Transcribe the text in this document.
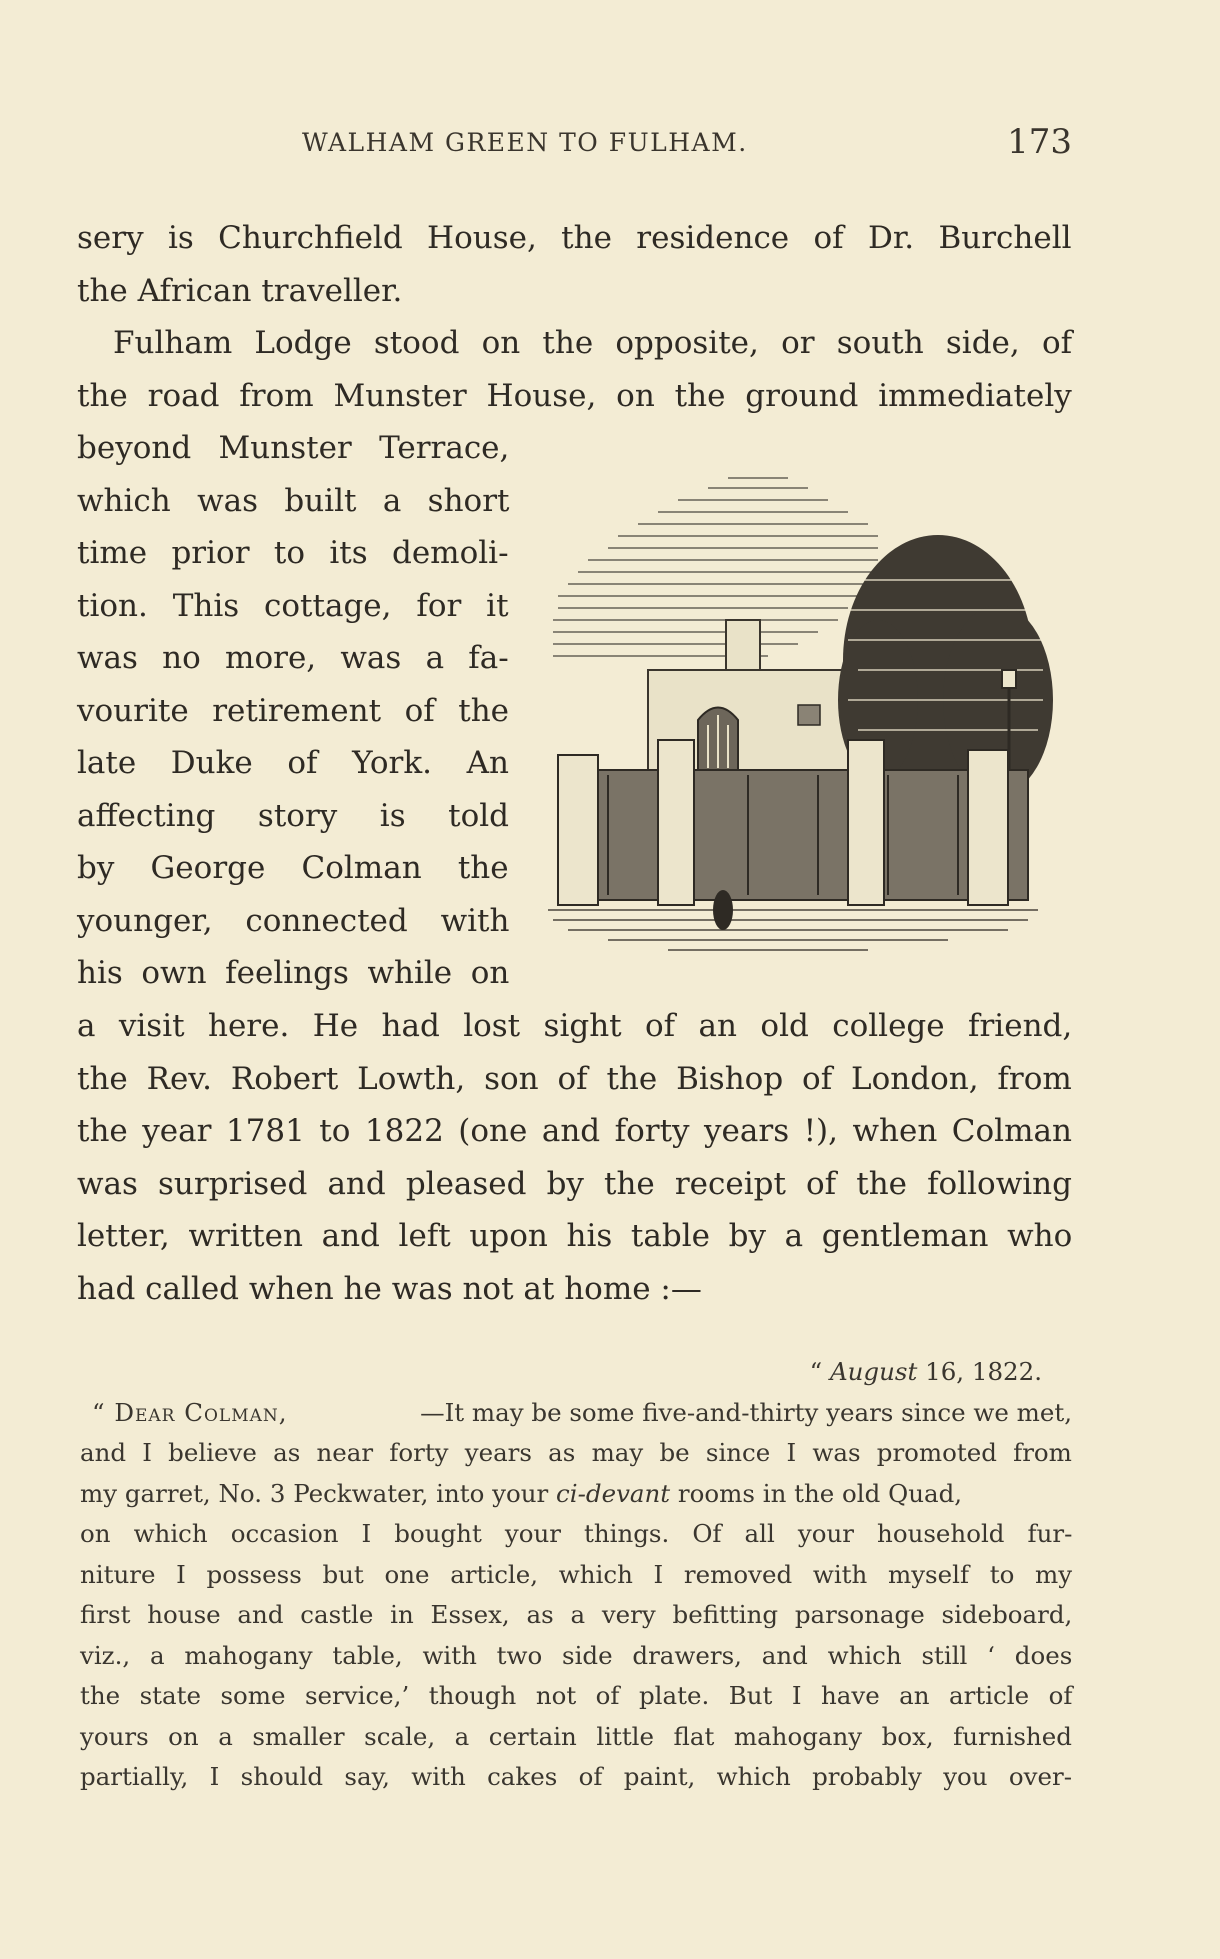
WALHAM GREEN TO FULHAM.	173
sery is Churchfield House, the residence of Dr. Burchell
the African traveller.
Fulham Lodge stood on the opposite, or south side, of
the road from Munster House, on the ground immediately
beyond Munster Terrace,
which was built a short
time prior to its demoli-
tion. This cottage, for it
was no more, was a fa-
vourite retirement of the
late Duke of York. An
affecting story is told
by George Colman the
younger, connected with
his own feelings while on
a visit here. He had lost sight of an old college friend,
the Rev. Robert Lowth, son of the Bishop of London, from
the year 1781 to 1822 (one and forty years !), when Colman
was surprised and pleased by the receipt of the following
letter, written and left upon his table by a gentleman who
had called when he was not at home :—
“ August 16, 1822.
“ Dear Colman,	—It may be some five-and-thirty years since we met,
and I believe as near forty years as may be since I was promoted from
my garret, No. 3 Peckwater, into your ci-devant rooms in the old Quad,
on which occasion I bought your things. Of all your household fur-
niture I possess but one article, which I removed with myself to my
first house and castle in Essex, as a very befitting parsonage sideboard,
viz., a mahogany table, with two side drawers, and which still ‘ does
the state some service,’ though not of plate. But I have an article of
yours on a smaller scale, a certain little flat mahogany box, furnished
partially, I should say, with cakes of paint, which probably you over-
